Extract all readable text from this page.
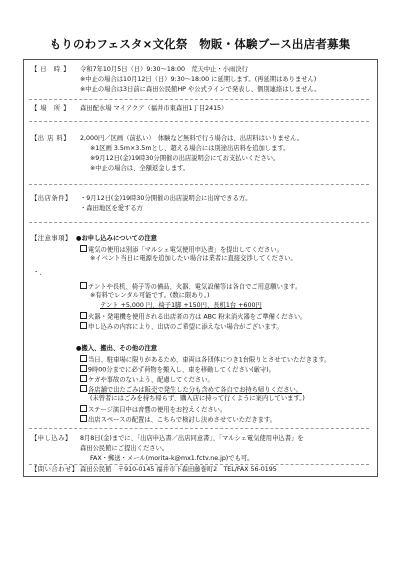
もりのわフェスタ×文化祭　物販・体験ブース出店者募集
【 日　時 】 令和7年10月5日（日）9:30～18:00　荒天中止・小雨決行
※中止の場合は10月12日（日）9:30～18:00 に延期します。(再延期はありません)
※中止の場合は3日前に森田公民館HP や公式ラインで発表し、個別連絡はしません。
【 場　所 】 森田配水場 マイアクア（福井市東森田1丁目2415）
【出 店 料】 2,000円／区画（前払い）　体験など無料で行う場合は、出店料はいりません。
※1区画 3.5m×3.5mとし、超える場合には別途出店料を追加します。
※9月12日(金)19時30分開催の出店説明会にてお支払いください。
※中止の場合は、全額返金します。
【出店条件】 ・9月12日(金)19時30分開催の出店説明会に出席できる方。
・森田地区を愛する方
【注意事項】 ●お申し込みについての注意
・、
電気の使用は別添「マルシェ電気使用申込書」を提出してください。
※イベント当日に電源を追加したい場合は業者に直接交渉してください。
テントや長机、椅子等の備品、火器、電気設備等は各自でご用意願います。
※有料でレンタル可能です。(数に限あり。)
テント +5,000 円、椅子1脚 +150円、長机1台 +600円
火器・発電機を使用される出店者の方は ABC 粉末消火器をご準備ください。
申し込みの内容により、出店のご希望に添えない場合がございます。
●搬入、搬出、その他の注意
当日、駐車場に限りがあるため、車両は各団体につき1台限りとさせていただきます。
9時00分までに必ず荷物を搬入し、車を移動してください(厳守)。
ケガや事故のないよう、配慮してください。
各店舗で出たごみは販売で発生した分も含めて各自でお持ち帰りください。
(未曾者にはごみを持ち帰らず、購入店に持って行くように案内しています。)
ステージ演目中は音響の使用をお控えください。
出店スペースの配置は、こちらで検討し決めさせていただきます。
【申し込み】 8月8日(金)までに、「出店申込書／出店同意書」、「マルシェ電気使用申込書」を
森田公民館にご提出ください。
FAX・郵送・メール(morita-k@mx1.fctv.ne.jp)でも可。
【問い合わせ】 森田公民館　〒910-0145 福井市下森田藤巻町2　TEL/FAX 56-0195
